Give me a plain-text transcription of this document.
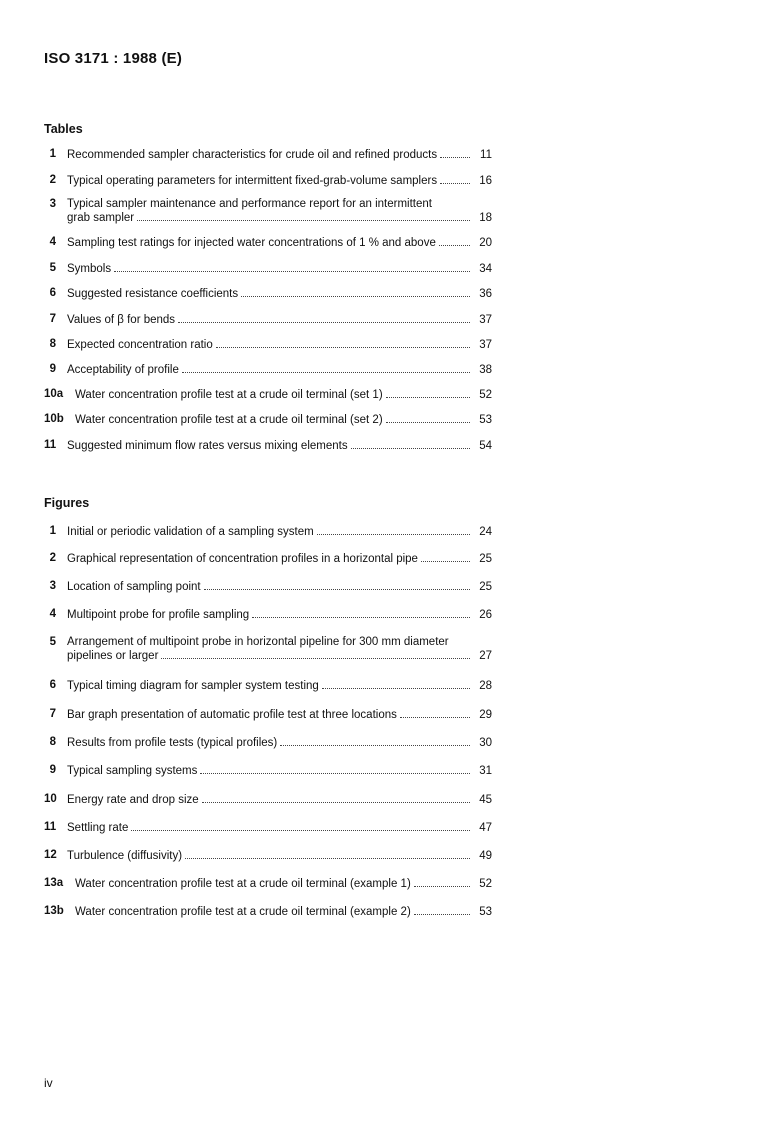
ISO 3171 : 1988 (E)
Tables
1 Recommended sampler characteristics for crude oil and refined products	11
2 Typical operating parameters for intermittent fixed-grab-volume samplers	16
3 Typical sampler maintenance and performance report for an intermittent
grab sampler	18
4 Sampling test ratings for injected water concentrations of 1 % and above	20
5 Symbols	34
6 Suggested resistance coefficients	36
7 Values of β for bends	37
8 Expected concentration ratio	37
9 Acceptability of profile	38
10a Water concentration profile test at a crude oil terminal (set 1)	52
10b Water concentration profile test at a crude oil terminal (set 2)	53
11 Suggested minimum flow rates versus mixing elements	54
Figures
1 Initial or periodic validation of a sampling system	24
2 Graphical representation of concentration profiles in a horizontal pipe	25
3 Location of sampling point	25
4 Multipoint probe for profile sampling	26
5 Arrangement of multipoint probe in horizontal pipeline for 300 mm diameter
pipelines or larger	27
6 Typical timing diagram for sampler system testing	28
7 Bar graph presentation of automatic profile test at three locations	29
8 Results from profile tests (typical profiles)	30
9 Typical sampling systems	31
10 Energy rate and drop size	45
11 Settling rate	47
12 Turbulence (diffusivity)	49
13a Water concentration profile test at a crude oil terminal (example 1)	52
13b Water concentration profile test at a crude oil terminal (example 2)	53
iv
